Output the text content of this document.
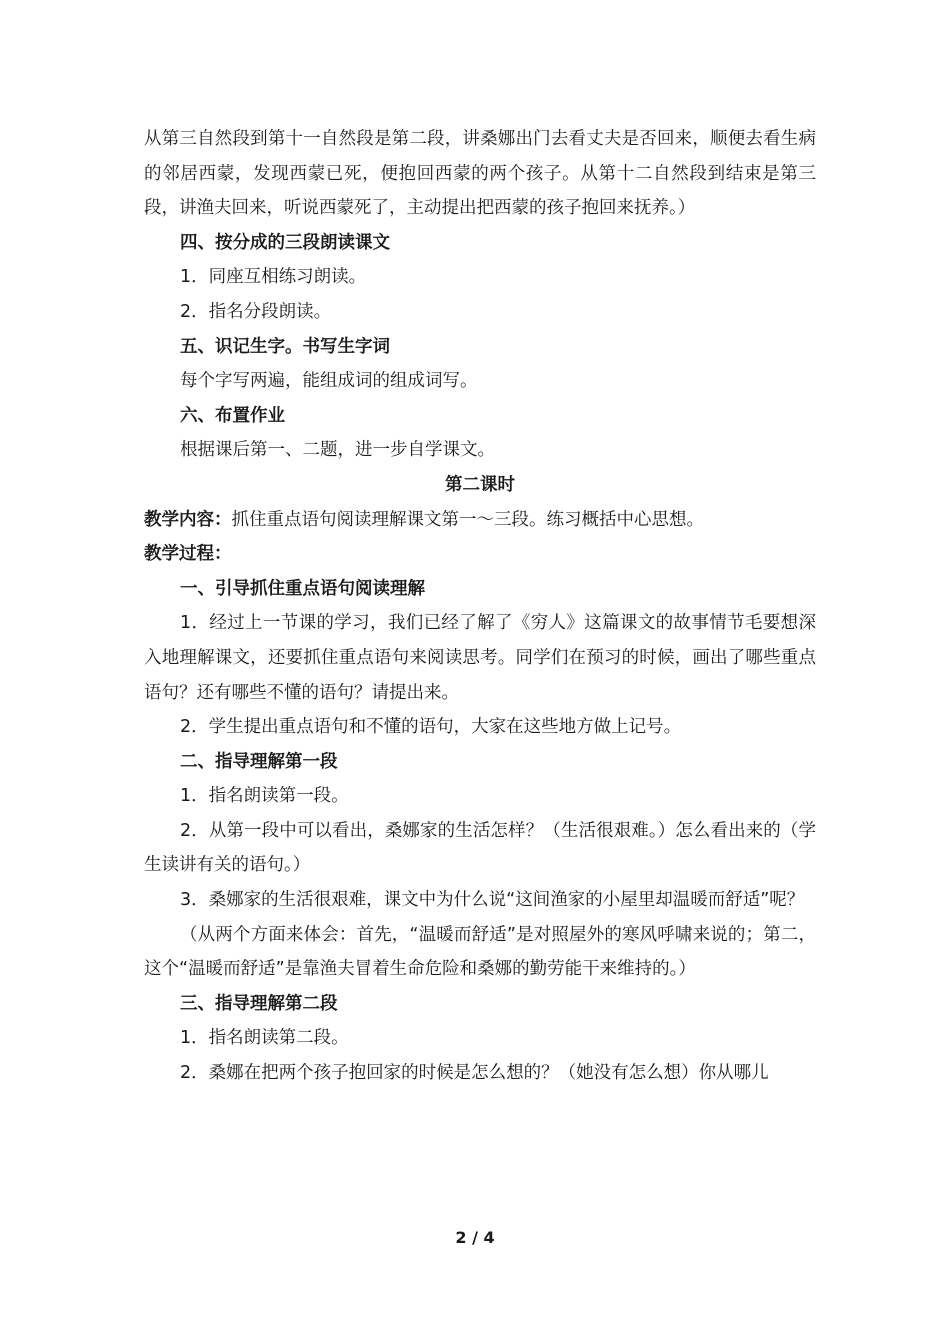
从第三自然段到第十一自然段是第二段，讲桑娜出门去看丈夫是否回来，顺便去看生病的邻居西蒙，发现西蒙已死，便抱回西蒙的两个孩子。从第十二自然段到结束是第三段，讲渔夫回来，听说西蒙死了，主动提出把西蒙的孩子抱回来抚养。）

四、按分成的三段朗读课文

1．同座互相练习朗读。

2．指名分段朗读。

五、识记生字。书写生字词

每个字写两遍，能组成词的组成词写。

六、布置作业

根据课后第一、二题，进一步自学课文。

第二课时

教学内容：抓住重点语句阅读理解课文第一～三段。练习概括中心思想。

教学过程：

一、引导抓住重点语句阅读理解

1．经过上一节课的学习，我们已经了解了《穷人》这篇课文的故事情节毛要想深入地理解课文，还要抓住重点语句来阅读思考。同学们在预习的时候，画出了哪些重点语句？还有哪些不懂的语句？请提出来。

2．学生提出重点语句和不懂的语句，大家在这些地方做上记号。

二、指导理解第一段

1．指名朗读第一段。

2．从第一段中可以看出，桑娜家的生活怎样？（生活很艰难。）怎么看出来的（学生读讲有关的语句。）

3．桑娜家的生活很艰难，课文中为什么说“这间渔家的小屋里却温暖而舒适”呢？

（从两个方面来体会：首先，“温暖而舒适”是对照屋外的寒风呼啸来说的；第二，这个“温暖而舒适”是靠渔夫冒着生命危险和桑娜的勤劳能干来维持的。）

三、指导理解第二段

1．指名朗读第二段。

2．桑娜在把两个孩子抱回家的时候是怎么想的？（她没有怎么想）你从哪儿

2 / 4
